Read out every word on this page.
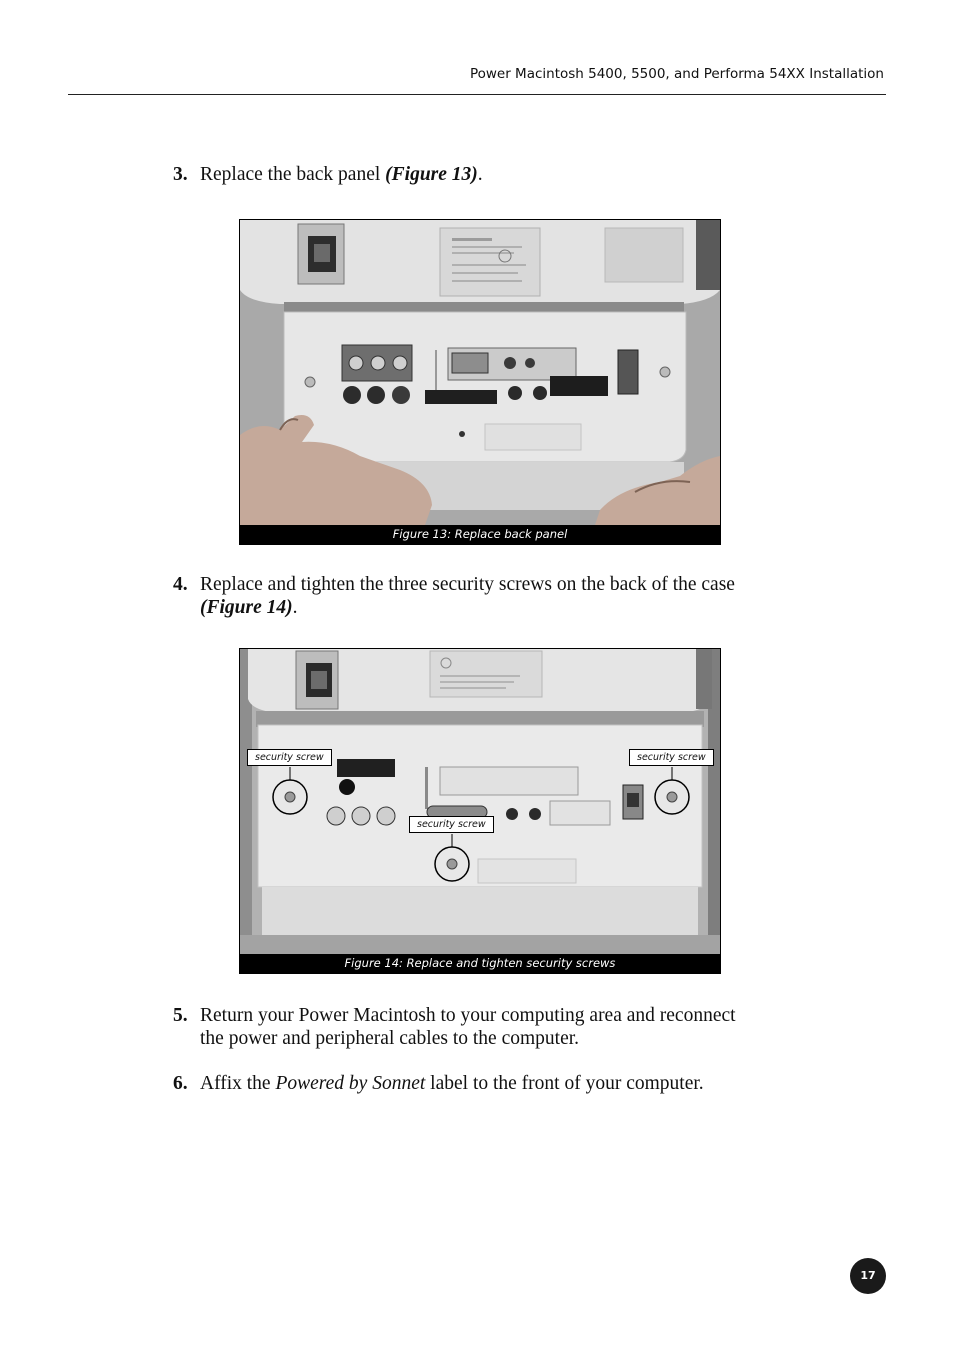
Power Macintosh 5400, 5500, and Performa 54XX Installation
3. Replace the back panel (Figure 13).
Figure 13: Replace back panel
4. Replace and tighten the three security screws on the back of the case (Figure 14).
Figure 14: Replace and tighten security screws
security screw	security screw
security screw
5. Return your Power Macintosh to your computing area and reconnect the power and peripheral cables to the computer.
6. Affix the Powered by Sonnet label to the front of your computer.
17
